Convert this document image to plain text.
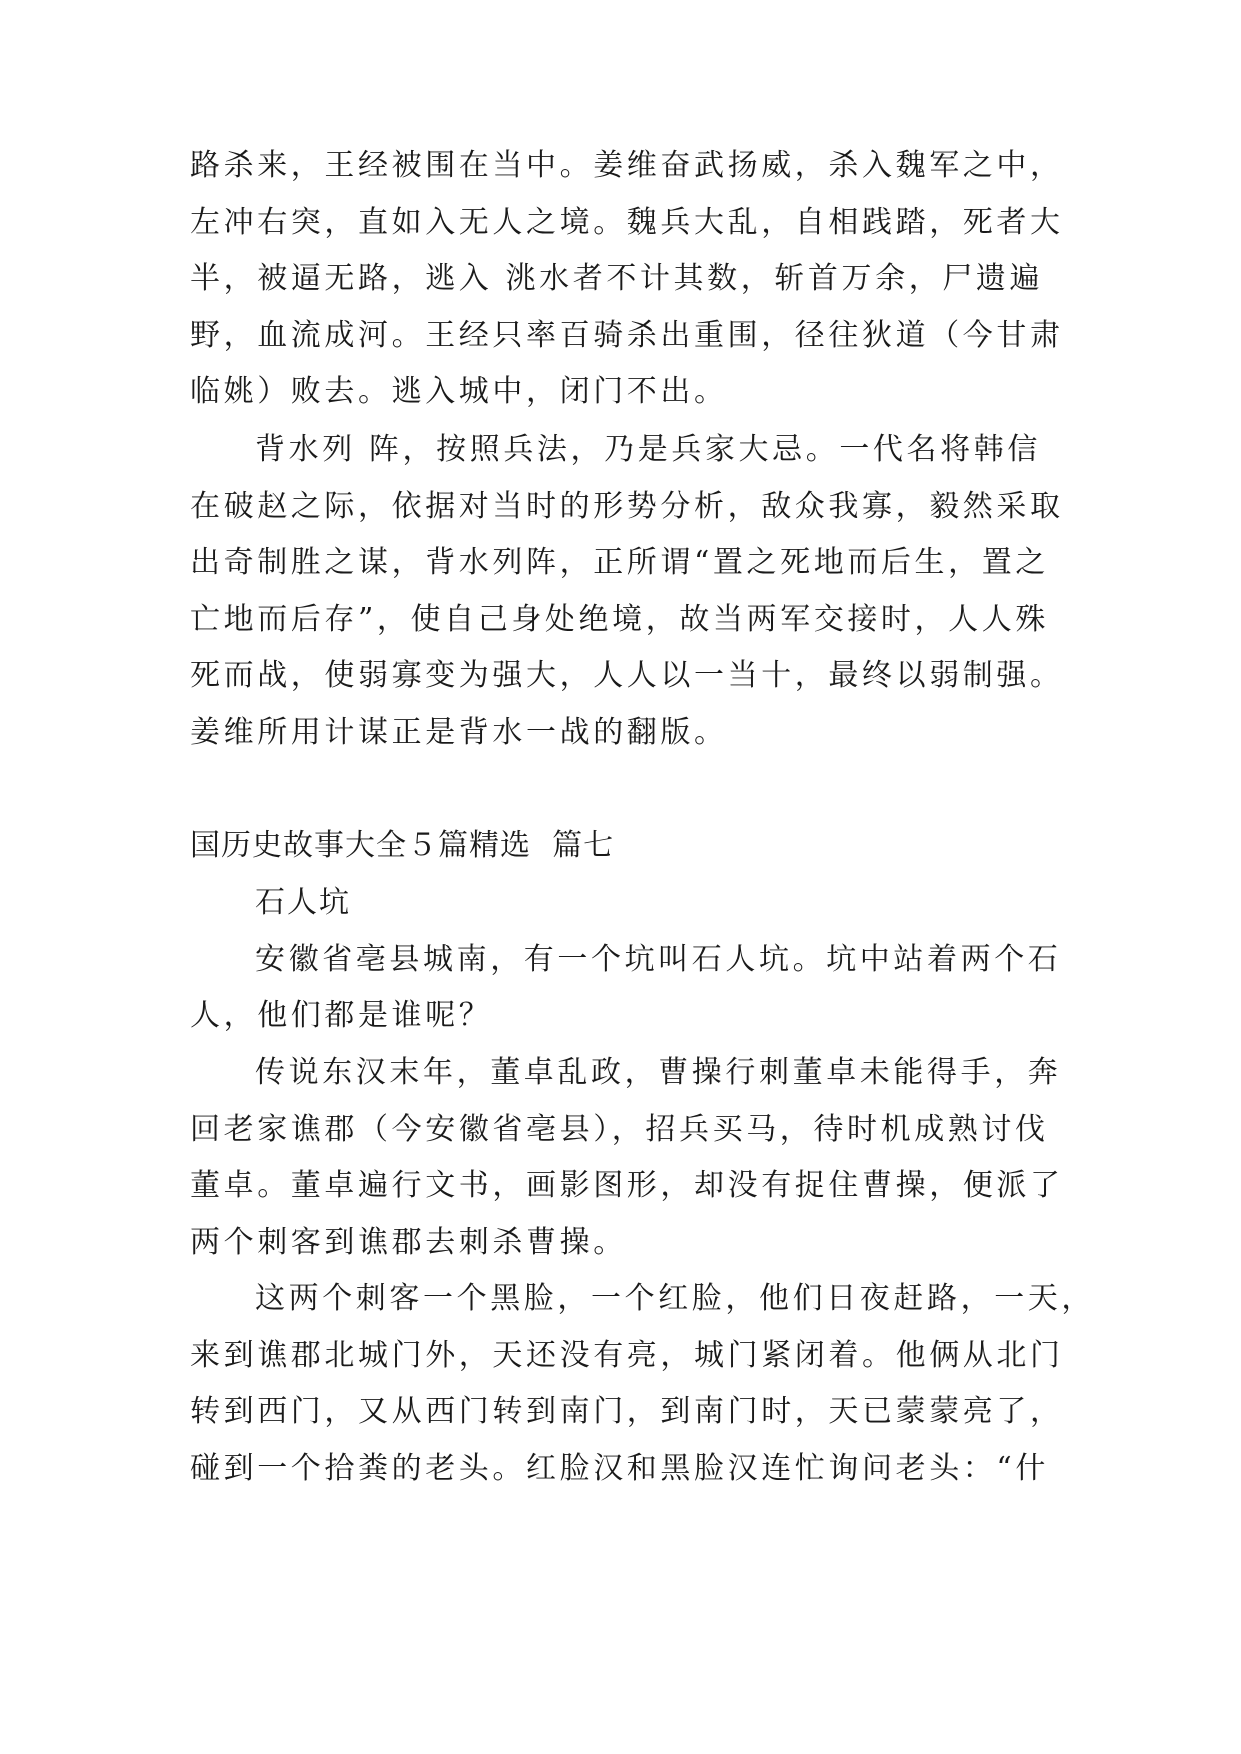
路杀来，王经被围在当中。姜维奋武扬威，杀入魏军之中，
左冲右突，直如入无人之境。魏兵大乱，自相践踏，死者大
半，被逼无路，逃入 洮水者不计其数，斩首万余，尸遗遍
野，血流成河。王经只率百骑杀出重围，径往狄道（今甘肃
临姚）败去。逃入城中，闭门不出。
背水列 阵，按照兵法，乃是兵家大忌。一代名将韩信
在破赵之际，依据对当时的形势分析，敌众我寡，毅然采取
出奇制胜之谋，背水列阵，正所谓“置之死地而后生，置之
亡地而后存”，使自己身处绝境，故当两军交接时，人人殊
死而战，使弱寡变为强大，人人以一当十，最终以弱制强。
姜维所用计谋正是背水一战的翻版。
国历史故事大全５篇精选  篇七
石人坑
安徽省亳县城南，有一个坑叫石人坑。坑中站着两个石
人，他们都是谁呢？
传说东汉末年，董卓乱政，曹操行刺董卓未能得手，奔
回老家谯郡（今安徽省亳县），招兵买马，待时机成熟讨伐
董卓。董卓遍行文书，画影图形，却没有捉住曹操，便派了
两个刺客到谯郡去刺杀曹操。
这两个刺客一个黑脸，一个红脸，他们日夜赶路，一天，
来到谯郡北城门外，天还没有亮，城门紧闭着。他俩从北门
转到西门，又从西门转到南门，到南门时，天已蒙蒙亮了，
碰到一个拾粪的老头。红脸汉和黑脸汉连忙询问老头：“什
